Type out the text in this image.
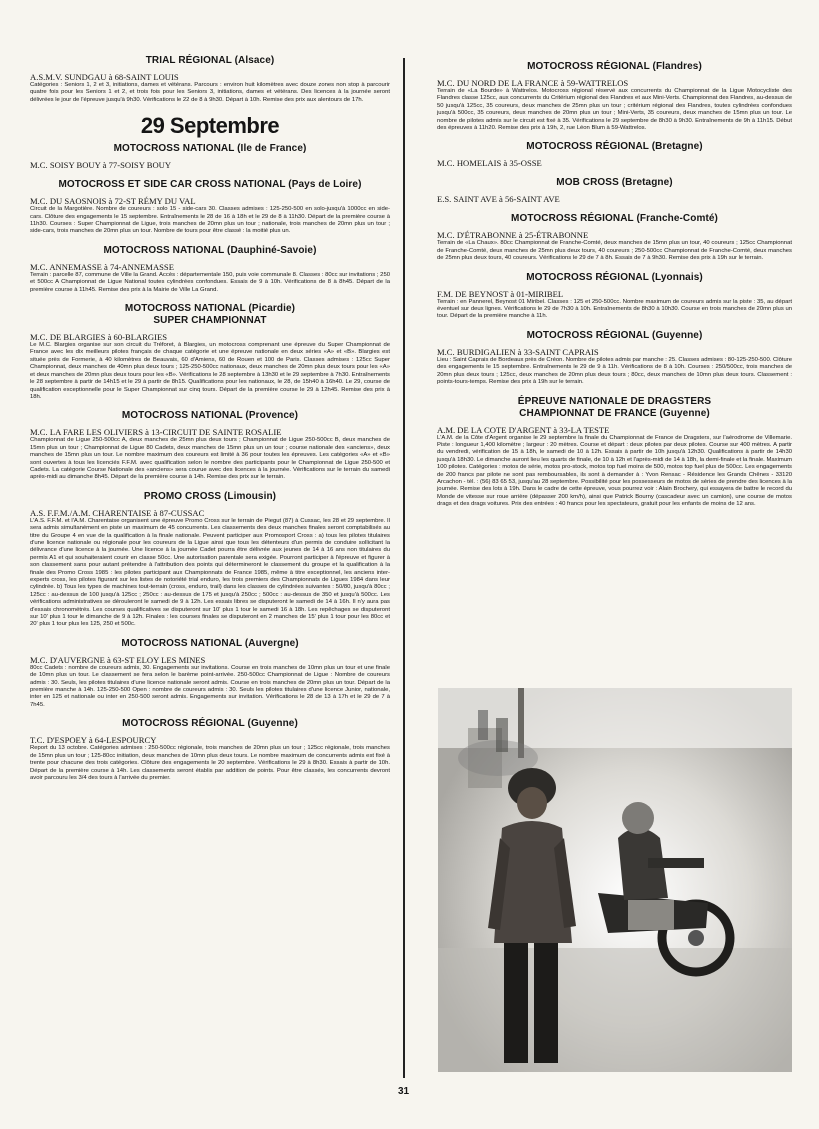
TRIAL RÉGIONAL (Alsace)

A.S.M.V. SUNDGAU à 68-SAINT LOUIS

Catégories : Seniors 1, 2 et 3, initiations, dames et vétérans. Parcours : environ huit kilomètres avec douze zones non stop à parcourir quatre fois pour les Seniors 1 et 2, et trois fois pour les Seniors 3, initiations, dames et vétérans. Des licences à la journée seront délivrées le jour de l'épreuve jusqu'à 9h30. Vérifications le 22 de 8 à 9h30. Départ à 10h. Remise des prix aux alentours de 17h.

29 Septembre

MOTOCROSS NATIONAL (Ile de France)

M.C. SOISY BOUY à 77-SOISY BOUY

MOTOCROSS ET SIDE CAR CROSS NATIONAL (Pays de Loire)

M.C. DU SAOSNOIS à 72-ST RÉMY DU VAL

Circuit de la Margotière. Nombre de coureurs : solo 15 - side-cars 30. Classes admises : 125-250-500 en solo-jusqu'à 1000cc en side-cars. Clôture des engagements le 15 septembre. Entraînements le 28 de 16 à 18h et le 29 de 8 à 11h30. Départ de la première course à 11h30. Courses : Super Championnat de Ligue, trois manches de 20mn plus un tour ; nationale, trois manches de 20mn plus un tour ; side-cars, trois manches de 20mn plus un tour. Nombre de tours pour être classé : la moitié plus un.

MOTOCROSS NATIONAL (Dauphiné-Savoie)

M.C. ANNEMASSE à 74-ANNEMASSE

Terrain : parcelle 87, commune de Ville la Grand. Accès : départementale 150, puis voie communale 8. Classes : 80cc sur invitations ; 250 et 500cc A Championnat de Ligue National toutes cylindrées confondues. Essais de 9 à 10h. Vérifications de 8 à 8h45. Départ de la première course à 11h45. Remise des prix à la Mairie de Ville La Grand.

MOTOCROSS NATIONAL (Picardie)
SUPER CHAMPIONNAT

M.C. DE BLARGIES à 60-BLARGIES

Le M.C. Blargies organise sur son circuit du Tréforet, à Blargies, un motocross comprenant une épreuve du Super Championnat de France avec les dix meilleurs pilotes français de chaque catégorie et une épreuve nationale en deux séries «A» et «B». Blargies est située près de Formerie, à 40 kilomètres de Beauvais, 60 d'Amiens, 60 de Rouen et 100 de Paris. Classes admises : 125cc Super Championnat, deux manches de 40mn plus deux tours ; 125-250-500cc nationaux, deux manches de 20mn plus deux tours pour les «A» et deux manches de 20mn plus deux tours pour les «B». Vérifications le 28 septembre à 13h30 et le 29 septembre à 7h30. Entraînements le 28 septembre à partir de 14h15 et le 29 à partir de 8h15. Qualifications pour les nationaux, le 28, de 15h40 à 16h40. Le 29, course de qualification exceptionnelle pour le Super Championnat sur cinq tours. Départ de la première course le 29 à 12h45. Remise des prix à 18h.

MOTOCROSS NATIONAL (Provence)

M.C. LA FARE LES OLIVIERS à 13-CIRCUIT DE SAINTE ROSALIE

Championnat de Ligue 250-500cc A, deux manches de 25mn plus deux tours ; Championnat de Ligue 250-500cc B, deux manches de 15mn plus un tour ; Championnat de Ligue 80 Cadets, deux manches de 15mn plus un un tour ; course nationale des «anciens», deux manches de 15mn plus un tour. Le nombre maximum des coureurs est limité à 36 pour toutes les épreuves. Les catégories «A» et «B» sont ouvertes à tous les licenciés F.F.M. avec qualification selon le nombre des participants pour le Championnat de Ligue 250-500 et Cadets. La catégorie Course Nationale des «anciens» sera courue avec des licences à la journée. Vérifications sur le terrain du samedi après-midi au dimanche 8h45. Départ de la première course à 14h. Remise des prix sur le terrain.

PROMO CROSS (Limousin)

A.S. F.F.M./A.M. CHARENTAISE à 87-CUSSAC

L'A.S. F.F.M. et l'A.M. Charentaise organisent une épreuve Promo Cross sur le terrain de Piegut (87) à Cussac, les 28 et 29 septembre. Il sera admis simultanément en piste un maximum de 45 concurrents. Les classements des deux manches finales seront comptabilisés au titre du Groupe 4 en vue de la qualification à la finale nationale. Peuvent participer aux Promosport Cross : a) tous les pilotes titulaires d'une licence nationale ou régionale pour les coureurs de la Ligue ainsi que tous les détenteurs d'un permis de conduire sollicitant la délivrance d'une licence à la journée. Une licence à la journée Cadet pourra être délivrée aux jeunes de 14 à 16 ans non titulaires du permis A1 et qui souhaiteraient courir en classe 50cc. Une autorisation parentale sera exigée. Pourront participer à l'épreuve et figurer à son classement sans pour autant prétendre à l'attribution des points qui détermineront le classement du groupe et la qualification à la finale des Promo Cross 1985 : les pilotes participant aux Championnats de France 1985, même à titre exceptionnel, les anciens inter-experts cross, les pilotes figurant sur les listes de notoriété trial enduro, les trois premiers des Championnats de Ligues 1984 dans leur cylindrée. b) Tous les types de machines tout-terrain (cross, enduro, trail) dans les classes de cylindrées suivantes : 50/80, jusqu'à 80cc ; 125cc : au-dessus de 100 jusqu'à 125cc ; 250cc : au-dessus de 175 et jusqu'à 250cc ; 500cc : au-dessus de 350 et jusqu'à 500cc. Les vérifications administratives se dérouleront le samedi de 9 à 12h. Les essais libres se disputeront le samedi de 14 à 16h. Il n'y aura pas d'essais chronométrés. Les courses qualificatives se disputeront sur 10' plus 1 tour le samedi 16 à 18h. Les repêchages se disputeront sur 10' plus 1 tour le dimanche de 9 à 12h. Finales : les courses finales se disputeront en 2 manches de 15' plus 1 tour pour les 80cc et 20' plus 1 tour plus les 125, 250 et 500c.

MOTOCROSS NATIONAL (Auvergne)

M.C. D'AUVERGNE à 63-ST ELOY LES MINES

80cc Cadets : nombre de coureurs admis, 30. Engagements sur invitations. Course en trois manches de 10mn plus un tour et une finale de 10mn plus un tour. Le classement se fera selon le barème point-arrivée. 250-500cc Championnat de Ligue : Nombre de coureurs admis : 30. Seuls, les pilotes titulaires d'une licence nationale seront admis. Course en trois manches de 20mn plus un tour. Départ de la première manche à 14h. 125-250-500 Open : nombre de coureurs admis : 30. Seuls les pilotes titulaires d'une licence Junior, nationale, inter en 125 et nationale ou inter en 250-500 seront admis. Engagements sur invitation. Vérifications le 28 de 13 à 17h et le 29 de 7 à 7h45.

MOTOCROSS RÉGIONAL (Guyenne)

T.C. D'ESPOEY à 64-LESPOURCY

Report du 13 octobre. Catégories admises : 250-500cc régionale, trois manches de 20mn plus un tour ; 125cc régionale, trois manches de 15mn plus un tour ; 125-80cc initiation, deux manches de 10mn plus deux tours. Le nombre maximum de concurrents admis est fixé à trente pour chacune des trois catégories. Clôture des engagements le 20 septembre. Vérifications le 29 à 8h30. Essais à partir de 10h. Départ de la première course à 14h. Les classements seront établis par addition de points. Pour être classés, les concurrents devront avoir parcouru les 3/4 des tours à l'arrivée du premier.

MOTOCROSS RÉGIONAL (Flandres)

M.C. DU NORD DE LA FRANCE à 59-WATTRELOS

Terrain de «La Bourde» à Wattrelos. Motocross régional réservé aux concurrents du Championnat de la Ligue Motocycliste des Flandres classe 125cc, aux concurrents du Critérium régional des Flandres et aux Mini-Verts. Championnat des Flandres, au-dessus de 50 jusqu'à 125cc, 35 coureurs, deux manches de 25mn plus un tour ; critérium régional des Flandres, toutes cylindrées confondues jusqu'à 500cc, 35 coureurs, deux manches de 20mn plus un tour ; Mini-Verts, 35 coureurs, deux manches de 15mn plus un tour. Le nombre de pilotes admis sur le circuit est fixé à 35. Vérifications le 29 septembre de 8h30 à 9h30. Entraînements de 9h à 11h15. Début des épreuves à 11h20. Remise des prix à 19h, 2, rue Léon Blum à 59-Wattrelos.

MOTOCROSS RÉGIONAL (Bretagne)

M.C. HOMELAIS à 35-OSSE

MOB CROSS (Bretagne)

E.S. SAINT AVE à 56-SAINT AVE

MOTOCROSS RÉGIONAL (Franche-Comté)

M.C. D'ÉTRABONNE à 25-ÉTRABONNE

Terrain de «La Chaux». 80cc Championnat de Franche-Comté, deux manches de 15mn plus un tour, 40 coureurs ; 125cc Championnat de Franche-Comté, deux manches de 25mn plus deux tours, 40 coureurs ; 250-500cc Championnat de Franche-Comté, deux manches de 25mn plus deux tours, 40 coureurs. Vérifications le 29 de 7 à 8h. Essais de 7 à 9h30. Remise des prix à 19h sur le terrain.

MOTOCROSS RÉGIONAL (Lyonnais)

F.M. DE BEYNOST à 01-MIRIBEL

Terrain : en Pannerel, Beynost 01 Miribel. Classes : 125 et 250-500cc. Nombre maximum de coureurs admis sur la piste : 35, au départ éventuel sur deux lignes. Vérifications le 29 de 7h30 à 10h. Entraînements de 8h30 à 10h30. Course en trois manches de 20mn plus un tour. Départ de la première manche à 11h.

MOTOCROSS RÉGIONAL (Guyenne)

M.C. BURDIGALIEN à 33-SAINT CAPRAIS

Lieu : Saint Caprais de Bordeaux près de Créon. Nombre de pilotes admis par manche : 25. Classes admises : 80-125-250-500. Clôture des engagements le 15 septembre. Entraînements le 29 de 9 à 11h. Vérifications de 8 à 10h. Courses : 250/500cc, trois manches de 20mn plus deux tours ; 125cc, deux manches de 20mn plus deux tours ; 80cc, deux manches de 10mn plus deux tours. Classement : points-tours-temps. Remise des prix à 19h sur le terrain.

ÉPREUVE NATIONALE DE DRAGSTERS
CHAMPIONNAT DE FRANCE (Guyenne)

A.M. DE LA COTE D'ARGENT à 33-LA TESTE

L'A.M. de la Côte d'Argent organise le 29 septembre la finale du Championnat de France de Dragsters, sur l'aérodrome de Villemarie. Piste : longueur 1,400 kilomètre ; largeur : 20 mètres. Course et départ : deux pilotes par deux pilotes. Course sur 400 mètres. A partir du vendredi, vérification de 15 à 18h, le samedi de 10 à 12h. Essais à partir de 10h jusqu'à 12h30. Qualifications à partir de 14h30 jusqu'à 18h30. Le dimanche auront lieu les quarts de finale, de 10 à 12h et l'après-midi de 14 à 18h, la demi-finale et la finale. Maximum 100 pilotes. Catégories : motos de série, motos pro-stock, motos top fuel moins de 500, motos top fuel plus de 500cc. Les engagements de 200 francs par pilote ne sont pas remboursables, ils sont à demander à : Yvon Rensac - Résidence les Grands Chênes - 33120 Arcachon - tél. : (56) 83 65 53, jusqu'au 28 septembre. Possibilité pour les possesseurs de motos de séries de prendre des licences à la journée. Remise des lots à 19h. Dans le cadre de cette épreuve, vous pourrez voir : Alain Brochery, qui essayera de battre le record du Monde de vitesse sur roue arrière (dépasser 200 km/h), ainsi que Patrick Bourny (cascadeur avec un camion), une course de motos drags et des drags voitures. Prix des entrées : 40 francs pour les spectateurs, gratuit pour les enfants de moins de 12 ans.

31
